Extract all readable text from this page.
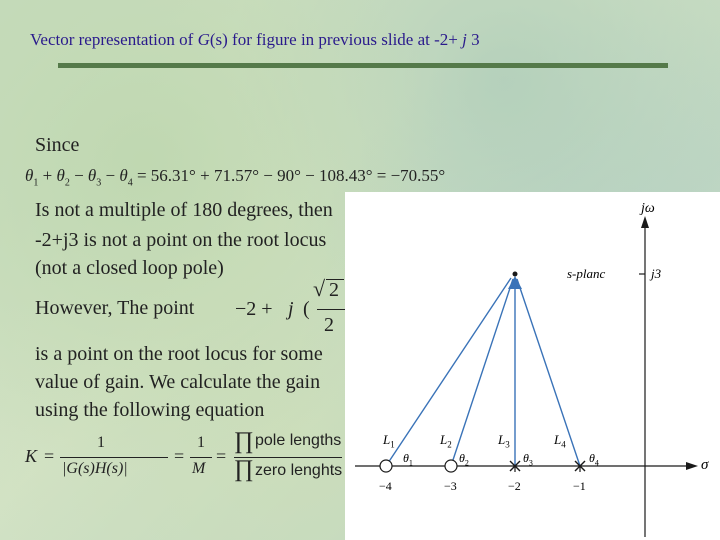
Vector representation of G(s) for figure in previous slide at -2+ j 3
Since
$\theta_1 + \theta_2 - \theta_3 - \theta_4 = 56.31^\circ + 71.57^\circ - 90^\circ - 108.43^\circ = -70.55^\circ$
Is not a multiple of 180 degrees, then
-2+j3 is not a point on the root locus
(not a closed loop pole)
However, The point −2 + j (
√ 2
2
is a point on the root locus for some
value of gain. We calculate the gain
using the following equation
K =
1
|G(s)H(s)|
=
1
M
=
∏ pole lengths
∏ zero lenghts
jω
s-planc	j3
σ
$L_1$	$L_2$	$L_3$	$L_4$
$\theta_1$	$\theta_2$	$\theta_3$	$\theta_4$
−4	−3	−2	−1
